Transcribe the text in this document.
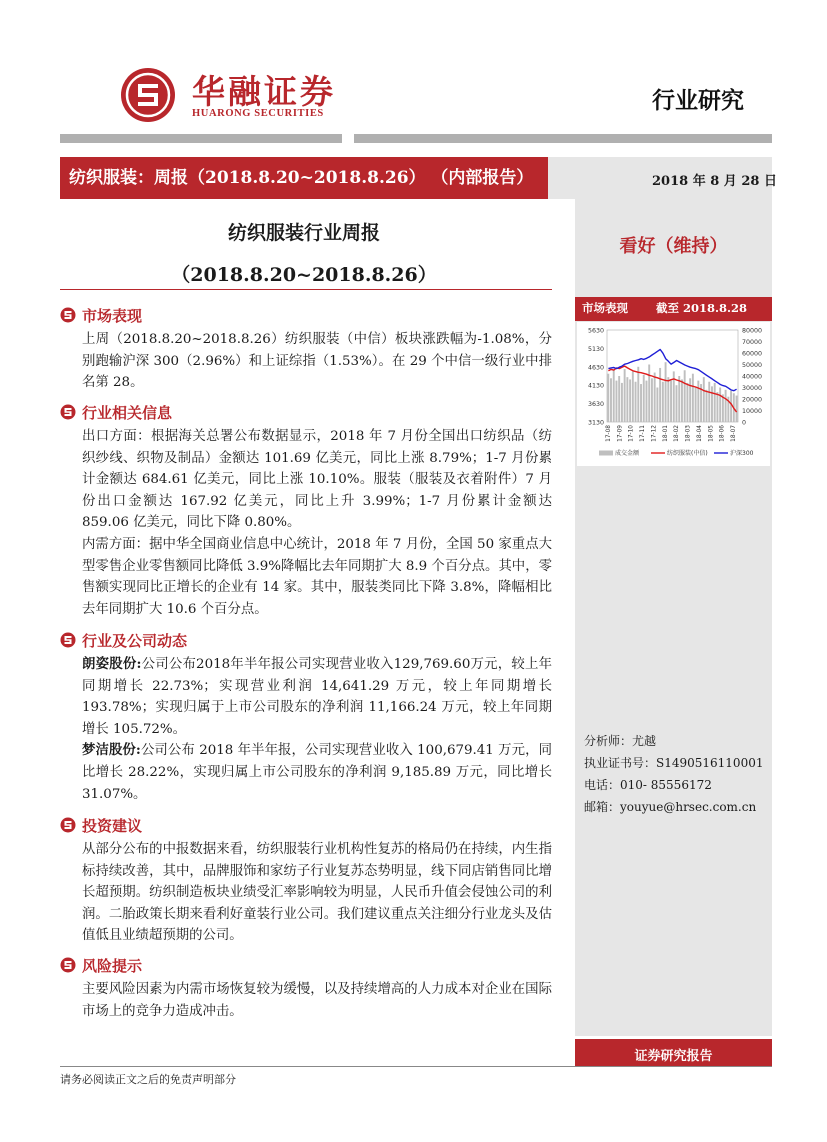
华融证券
HUARONG SECURITIES	行业研究
纺织服装：周报（2018.8.20~2018.8.26） （内部报告）	2018 年 8 月 28 日
纺织服装行业周报
（2018.8.20~2018.8.26）
看好（维持）
市场表现 截至 2018.8.28
5630
5130
4630
4130
3630
3130
80000
70000
60000
50000
40000
30000
20000
10000
0
17-08 17-09 17-10 17-11 17-12 18-01 18-02 18-03 18-04 18-05 18-06 18-07
成交金额	纺织服装(中信)	沪深300
市场表现
上周（2018.8.20~2018.8.26）纺织服装（中信）板块涨跌幅为-1.08%，分别跑输沪深 300（2.96%）和上证综指（1.53%）。在 29 个中信一级行业中排名第 28。
行业相关信息
出口方面：根据海关总署公布数据显示，2018 年 7 月份全国出口纺织品（纺织纱线、织物及制品）金额达 101.69 亿美元，同比上涨 8.79%；1-7 月份累计金额达 684.61 亿美元，同比上涨 10.10%。服装（服装及衣着附件）7 月份出口金额达 167.92 亿美元，同比上升 3.99%；1-7 月份累计金额达 859.06 亿美元，同比下降 0.80%。
内需方面：据中华全国商业信息中心统计，2018 年 7 月份，全国 50 家重点大型零售企业零售额同比降低 3.9%降幅比去年同期扩大 8.9 个百分点。其中，零售额实现同比正增长的企业有 14 家。其中，服装类同比下降 3.8%，降幅相比去年同期扩大 10.6 个百分点。
行业及公司动态
朗姿股份:公司公布2018年半年报公司实现营业收入129,769.60万元，较上年同期增长 22.73%；实现营业利润 14,641.29 万元，较上年同期增长 193.78%；实现归属于上市公司股东的净利润 11,166.24 万元，较上年同期增长 105.72%。
梦洁股份:公司公布 2018 年半年报，公司实现营业收入 100,679.41 万元，同比增长 28.22%，实现归属上市公司股东的净利润 9,185.89 万元，同比增长 31.07%。
投资建议
从部分公布的中报数据来看，纺织服装行业机构性复苏的格局仍在持续，内生指标持续改善，其中，品牌服饰和家纺子行业复苏态势明显，线下同店销售同比增长超预期。纺织制造板块业绩受汇率影响较为明显，人民币升值会侵蚀公司的利润。二胎政策长期来看利好童装行业公司。我们建议重点关注细分行业龙头及估值低且业绩超预期的公司。
风险提示
主要风险因素为内需市场恢复较为缓慢，以及持续增高的人力成本对企业在国际市场上的竞争力造成冲击。
分析师：尤越
执业证书号：S1490516110001
电话：010- 85556172
邮箱：youyue@hrsec.com.cn
证券研究报告
请务必阅读正文之后的免责声明部分
